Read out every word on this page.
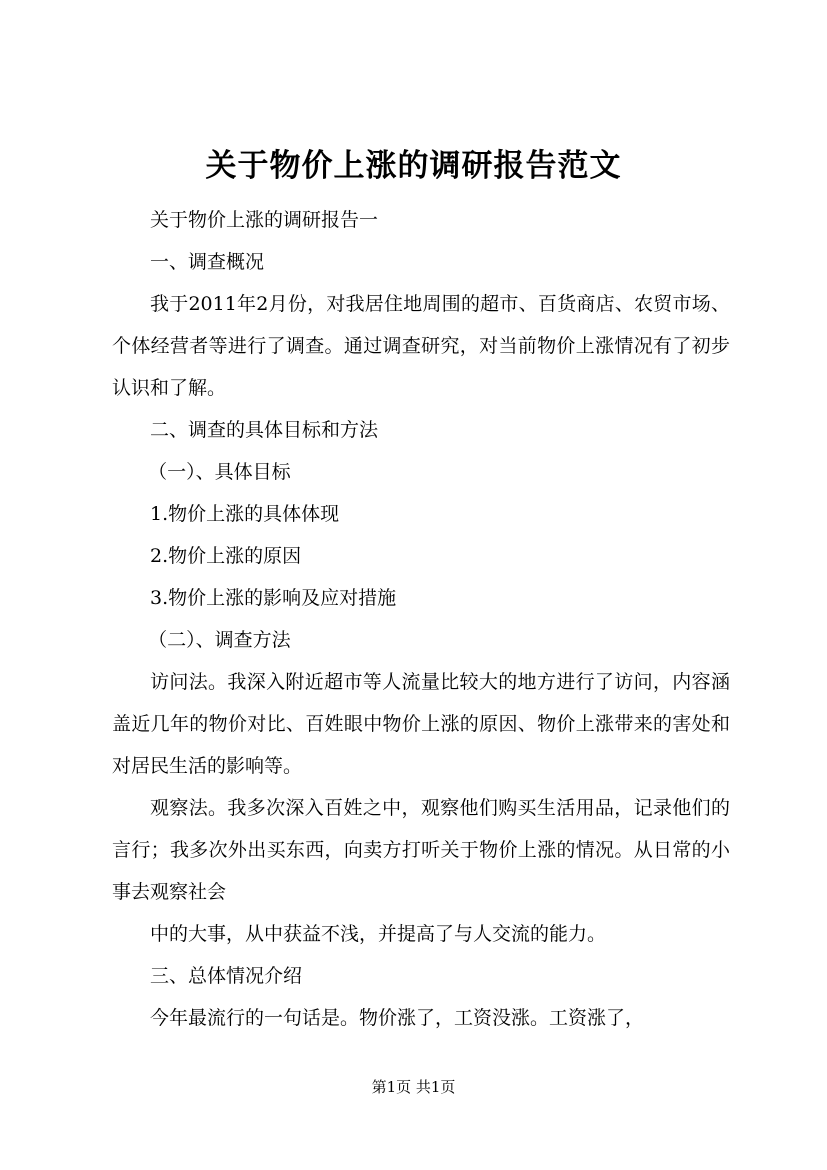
关于物价上涨的调研报告范文

关于物价上涨的调研报告一

一、调查概况

我于2011年2月份，对我居住地周围的超市、百货商店、农贸市场、个体经营者等进行了调查。通过调查研究，对当前物价上涨情况有了初步认识和了解。

二、调查的具体目标和方法

（一）、具体目标

1.物价上涨的具体体现

2.物价上涨的原因

3.物价上涨的影响及应对措施

（二）、调查方法

访问法。我深入附近超市等人流量比较大的地方进行了访问，内容涵盖近几年的物价对比、百姓眼中物价上涨的原因、物价上涨带来的害处和对居民生活的影响等。

观察法。我多次深入百姓之中，观察他们购买生活用品，记录他们的言行；我多次外出买东西，向卖方打听关于物价上涨的情况。从日常的小事去观察社会

中的大事，从中获益不浅，并提高了与人交流的能力。

三、总体情况介绍

今年最流行的一句话是。物价涨了，工资没涨。工资涨了，

第1页 共1页
